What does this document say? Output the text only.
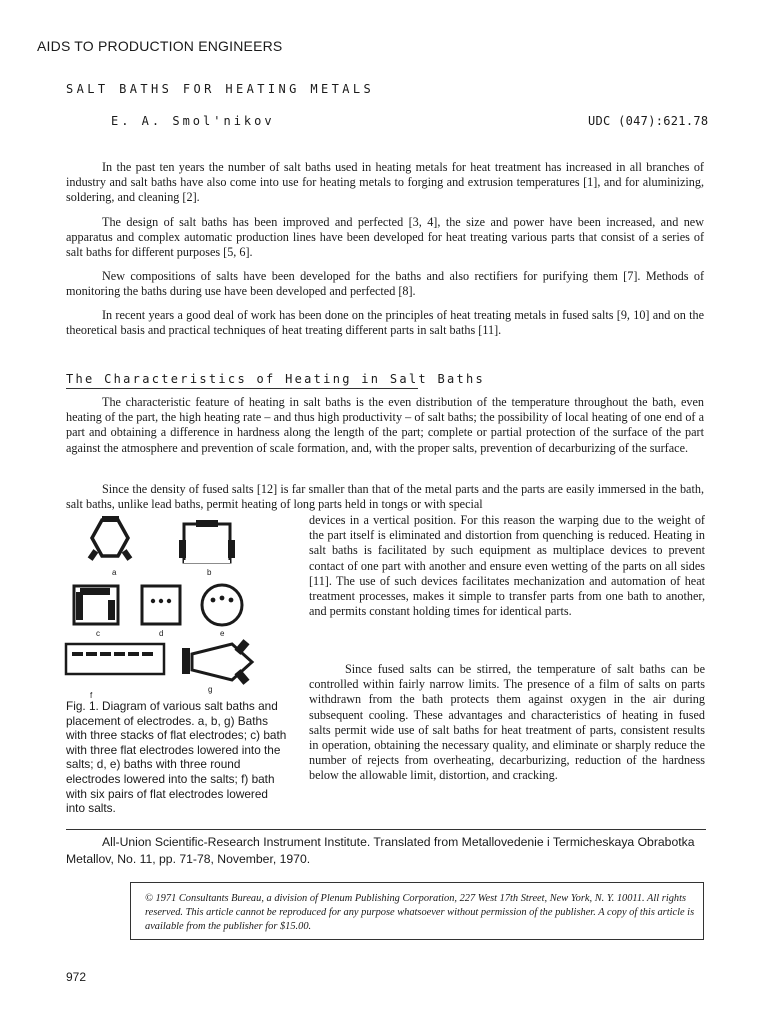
AIDS TO PRODUCTION ENGINEERS
SALT BATHS FOR HEATING METALS
E. A. Smol'nikov	UDC (047):621.78

In the past ten years the number of salt baths used in heating metals for heat treatment has increased in all branches of industry and salt baths have also come into use for heating metals to forging and extrusion temperatures [1], and for aluminizing, soldering, and cleaning [2].

The design of salt baths has been improved and perfected [3, 4], the size and power have been increased, and new apparatus and complex automatic production lines have been developed for heat treating various parts that consist of a series of salt baths for different purposes [5, 6].

New compositions of salts have been developed for the baths and also rectifiers for purifying them [7]. Methods of monitoring the baths during use have been developed and perfected [8].

In recent years a good deal of work has been done on the principles of heat treating metals in fused salts [9, 10] and on the theoretical basis and practical techniques of heat treating different parts in salt baths [11].

The Characteristics of Heating in Salt Baths

The characteristic feature of heating in salt baths is the even distribution of the temperature throughout the bath, even heating of the part, the high heating rate – and thus high productivity – of salt baths; the possibility of local heating of one end of a part and obtaining a difference in hardness along the length of the part; complete or partial protection of the surface of the part against the atmosphere and prevention of scale formation, and, with the proper salts, prevention of decarburizing of the surface.

Since the density of fused salts [12] is far smaller than that of the metal parts and the parts are easily immersed in the bath, salt baths, unlike lead baths, permit heating of long parts held in tongs or with special

devices in a vertical position. For this reason the warping due to the weight of the part itself is eliminated and distortion from quenching is reduced. Heating in salt baths is facilitated by such equipment as multiplace devices to prevent contact of one part with another and ensure even wetting of the parts on all sides [11]. The use of such devices facilitates mechanization and automation of heat treatment processes, makes it simple to transfer parts from one bath to another, and permits constant holding times for identical parts.

Since fused salts can be stirred, the temperature of salt baths can be controlled within fairly narrow limits. The presence of a film of salts on parts withdrawn from the bath protects them against oxygen in the air during subsequent cooling. These advantages and characteristics of heating in fused salts permit wide use of salt baths for heat treatment of parts, consistent results in operation, obtaining the necessary quality, and eliminate or sharply reduce the number of rejects from overheating, decarburizing, reduction of the hardness below the allowable limit, distortion, and cracking.

a	b
c	d	e
f
g

Fig. 1. Diagram of various salt baths and placement of electrodes. a, b, g) Baths with three stacks of flat electrodes; c) bath with three flat electrodes lowered into the salts; d, e) baths with three round electrodes lowered into the salts; f) bath with six pairs of flat electrodes lowered into salts.

All-Union Scientific-Research Instrument Institute. Translated from Metallovedenie i Termicheskaya Obrabotka Metallov, No. 11, pp. 71-78, November, 1970.

© 1971 Consultants Bureau, a division of Plenum Publishing Corporation, 227 West 17th Street, New York, N. Y. 10011. All rights reserved. This article cannot be reproduced for any purpose whatsoever without permission of the publisher. A copy of this article is available from the publisher for $15.00.

972
